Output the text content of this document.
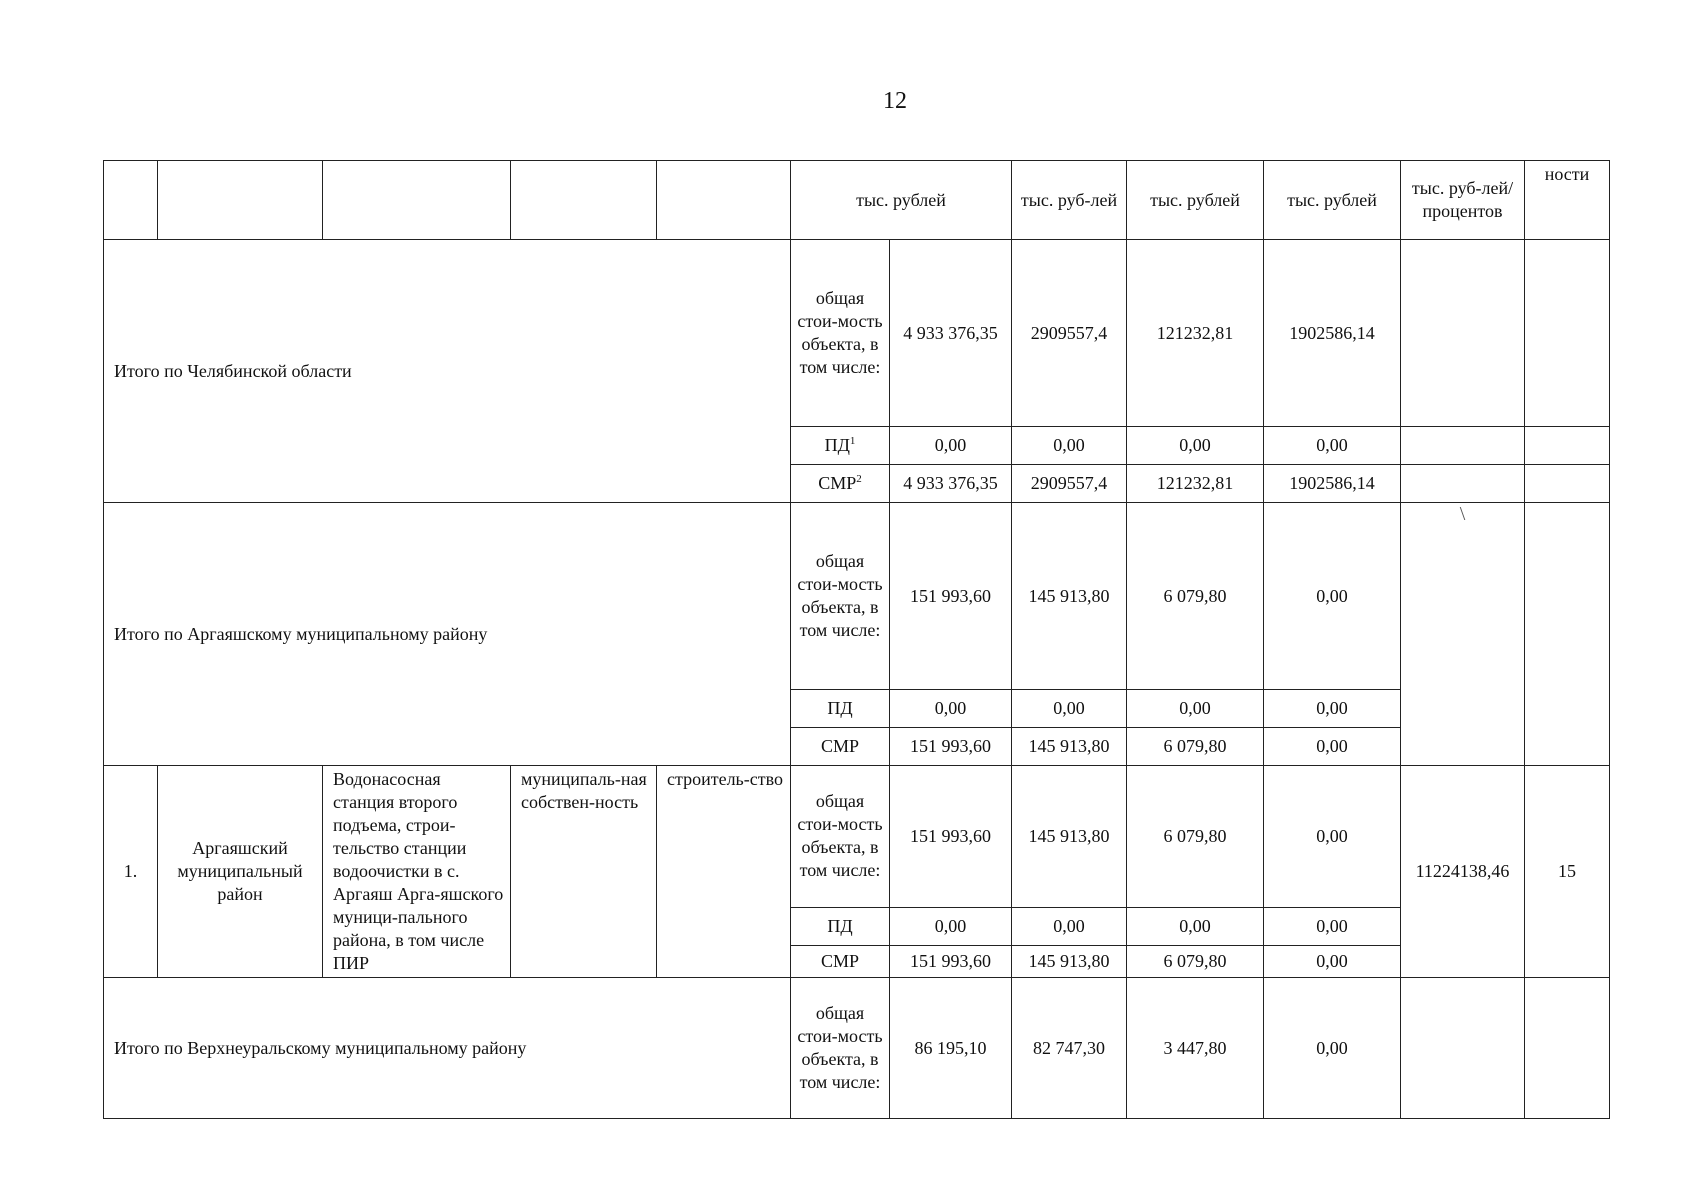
12
					тыс. рублей		тыс. руб-лей	тыс. рублей	тыс. рублей	тыс. руб-лей/ процентов	ности
Итого по Челябинской области					общая стои-мость объекта, в том числе:	4 933 376,35	2909557,4	121232,81	1902586,14		
					$ПД^1$	0,00	0,00	0,00	0,00		
					СМР$^2$	4 933 376,35	2909557,4	121232,81	1902586,14		
Итого по Аргаяшскому муниципальному району					общая стои-мость объекта, в том числе:	151 993,60	145 913,80	6 079,80	0,00	\	
					ПД	0,00	0,00	0,00	0,00		
					СМР	151 993,60	145 913,80	6 079,80	0,00		
1.	Аргаяшский муниципальный район	Водонасосная станция второго подъема, строи-тельство станции водоочистки в с. Аргаяш Арга-яшского муници-пального района, в том числе ПИР	муниципаль-ная собствен-ность	строитель-ство	общая стои-мость объекта, в том числе:	151 993,60	145 913,80	6 079,80	0,00	11224138,46	15
					ПД	0,00	0,00	0,00	0,00		
					СМР	151 993,60	145 913,80	6 079,80	0,00		
Итого по Верхнеуральскому муниципальному району					общая стои-мость объекта, в том числе:	86 195,10	82 747,30	3 447,80	0,00		
